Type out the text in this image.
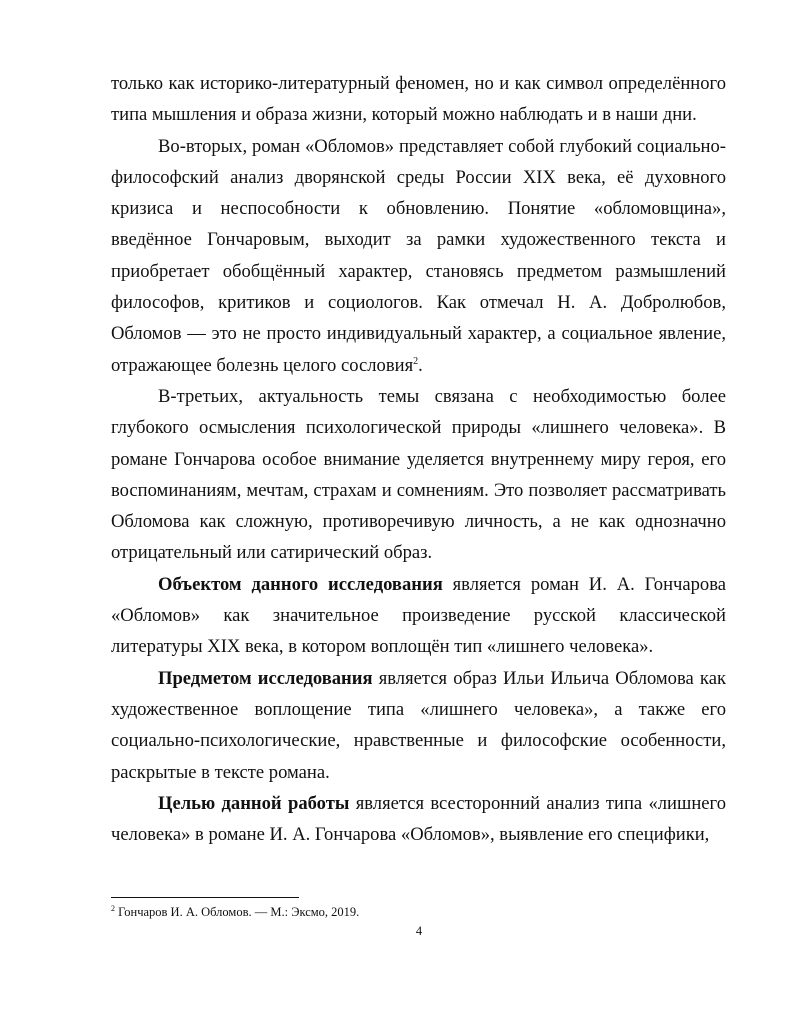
только как историко-литературный феномен, но и как символ определённого типа мышления и образа жизни, который можно наблюдать и в наши дни.

Во-вторых, роман «Обломов» представляет собой глубокий социально-философский анализ дворянской среды России XIX века, её духовного кризиса и неспособности к обновлению. Понятие «обломовщина», введённое Гончаровым, выходит за рамки художественного текста и приобретает обобщённый характер, становясь предметом размышлений философов, критиков и социологов. Как отмечал Н. А. Добролюбов, Обломов — это не просто индивидуальный характер, а социальное явление, отражающее болезнь целого сословия$^2$.

В-третьих, актуальность темы связана с необходимостью более глубокого осмысления психологической природы «лишнего человека». В романе Гончарова особое внимание уделяется внутреннему миру героя, его воспоминаниям, мечтам, страхам и сомнениям. Это позволяет рассматривать Обломова как сложную, противоречивую личность, а не как однозначно отрицательный или сатирический образ.

Объектом данного исследования является роман И. А. Гончарова «Обломов» как значительное произведение русской классической литературы XIX века, в котором воплощён тип «лишнего человека».

Предметом исследования является образ Ильи Ильича Обломова как художественное воплощение типа «лишнего человека», а также его социально-психологические, нравственные и философские особенности, раскрытые в тексте романа.

Целью данной работы является всесторонний анализ типа «лишнего человека» в романе И. А. Гончарова «Обломов», выявление его специфики,

$^2$ Гончаров И. А. Обломов. — М.: Эксмо, 2019.
4
